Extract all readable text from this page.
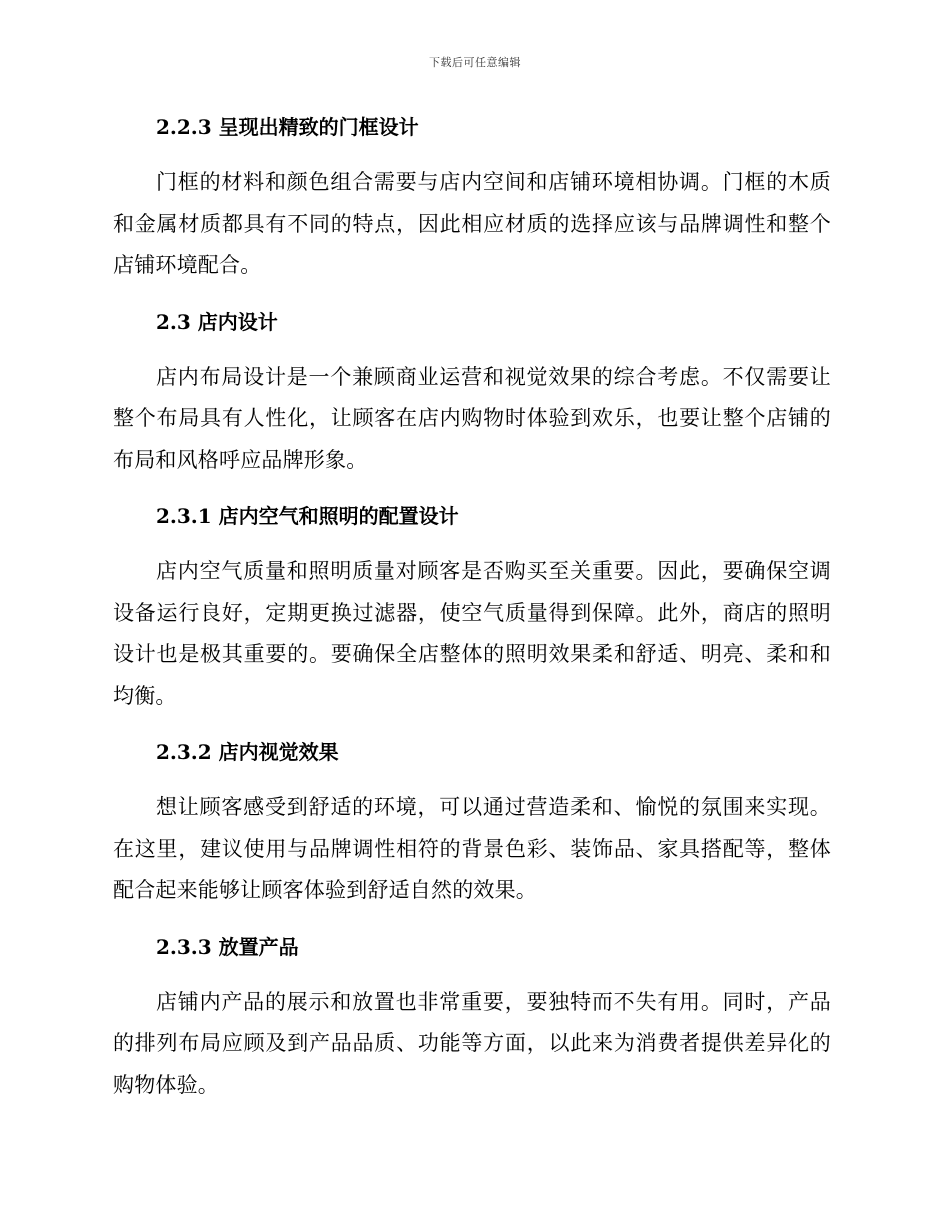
下载后可任意编辑
2.2.3 呈现出精致的门框设计

门框的材料和颜色组合需要与店内空间和店铺环境相协调。门框的木质和金属材质都具有不同的特点，因此相应材质的选择应该与品牌调性和整个店铺环境配合。

2.3 店内设计

店内布局设计是一个兼顾商业运营和视觉效果的综合考虑。不仅需要让整个布局具有人性化，让顾客在店内购物时体验到欢乐，也要让整个店铺的布局和风格呼应品牌形象。

2.3.1 店内空气和照明的配置设计

店内空气质量和照明质量对顾客是否购买至关重要。因此，要确保空调设备运行良好，定期更换过滤器，使空气质量得到保障。此外，商店的照明设计也是极其重要的。要确保全店整体的照明效果柔和舒适、明亮、柔和和均衡。

2.3.2 店内视觉效果

想让顾客感受到舒适的环境，可以通过营造柔和、愉悦的氛围来实现。在这里，建议使用与品牌调性相符的背景色彩、装饰品、家具搭配等，整体配合起来能够让顾客体验到舒适自然的效果。

2.3.3 放置产品

店铺内产品的展示和放置也非常重要，要独特而不失有用。同时，产品的排列布局应顾及到产品品质、功能等方面，以此来为消费者提供差异化的购物体验。
